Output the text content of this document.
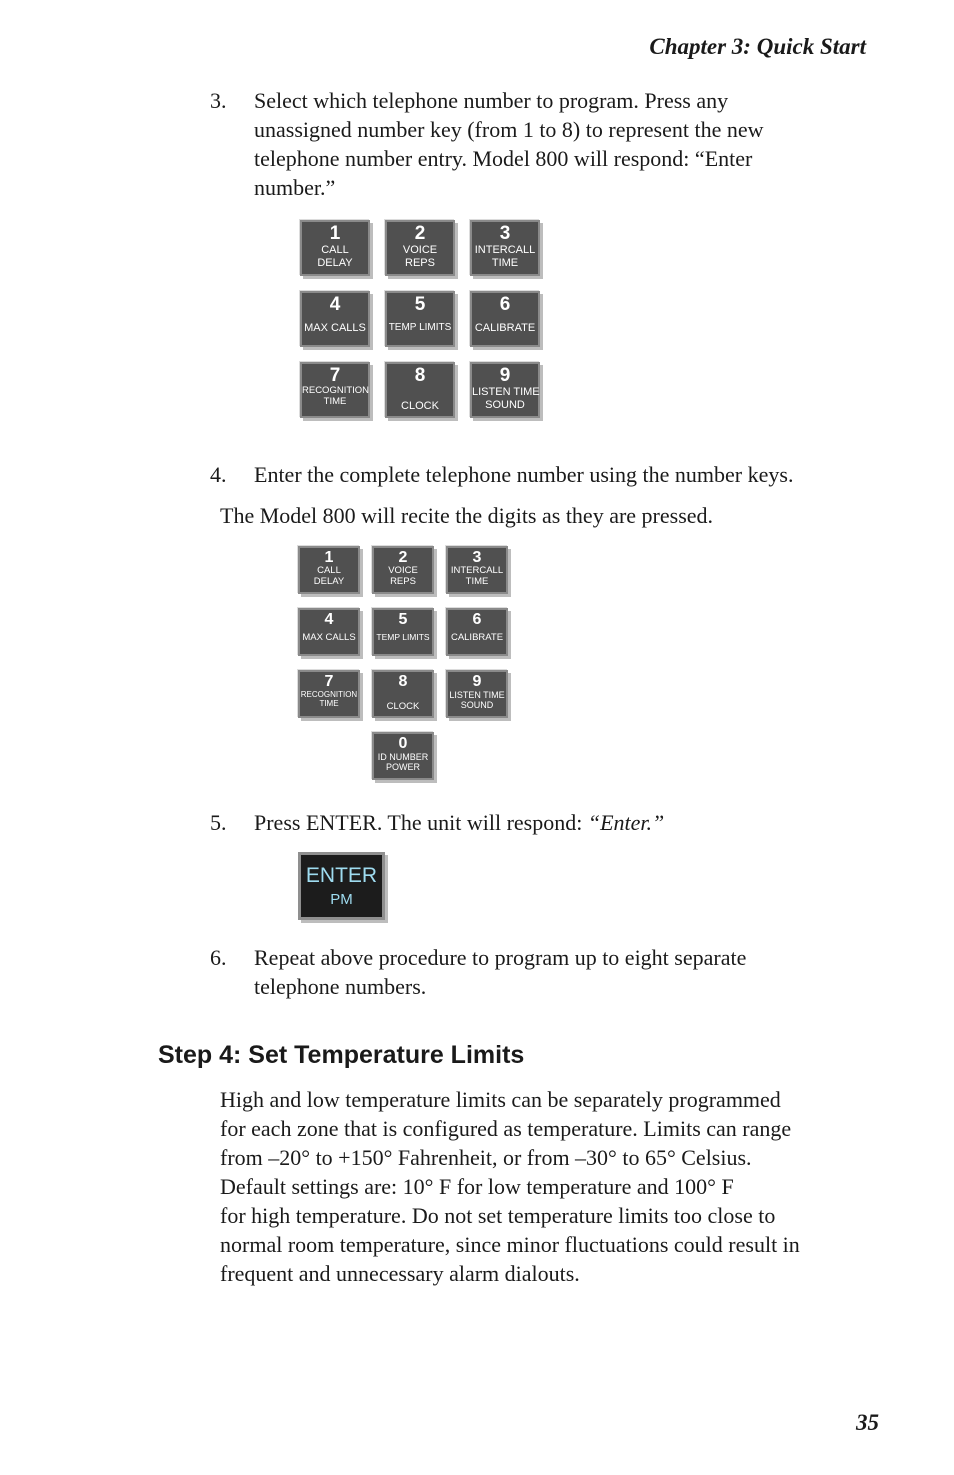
Chapter 3: Quick Start
3. Select which telephone number to program. Press any
unassigned number key (from 1 to 8) to represent the new
telephone number entry. Model 800 will respond: “Enter
number.”
1
CALL
DELAY
2
VOICE
REPS
3
INTERCALL
TIME
4
MAX CALLS
5
TEMP LIMITS
6
CALIBRATE
7
RECOGNITION
TIME
8
CLOCK
9
LISTEN TIME
SOUND
4. Enter the complete telephone number using the number keys.
The Model 800 will recite the digits as they are pressed.
1
CALL
DELAY
2
VOICE
REPS
3
INTERCALL
TIME
4
MAX CALLS
5
TEMP LIMITS
6
CALIBRATE
7
RECOGNITION
TIME
8
CLOCK
9
LISTEN TIME
SOUND
0
ID NUMBER
POWER
5. Press ENTER. The unit will respond: “Enter.”
ENTER
PM
6. Repeat above procedure to program up to eight separate
telephone numbers.
Step 4: Set Temperature Limits
High and low temperature limits can be separately programmed
for each zone that is configured as temperature. Limits can range
from –20° to +150° Fahrenheit, or from –30° to 65° Celsius.
Default settings are: 10° F for low temperature and 100° F
for high temperature. Do not set temperature limits too close to
normal room temperature, since minor fluctuations could result in
frequent and unnecessary alarm dialouts.
35
